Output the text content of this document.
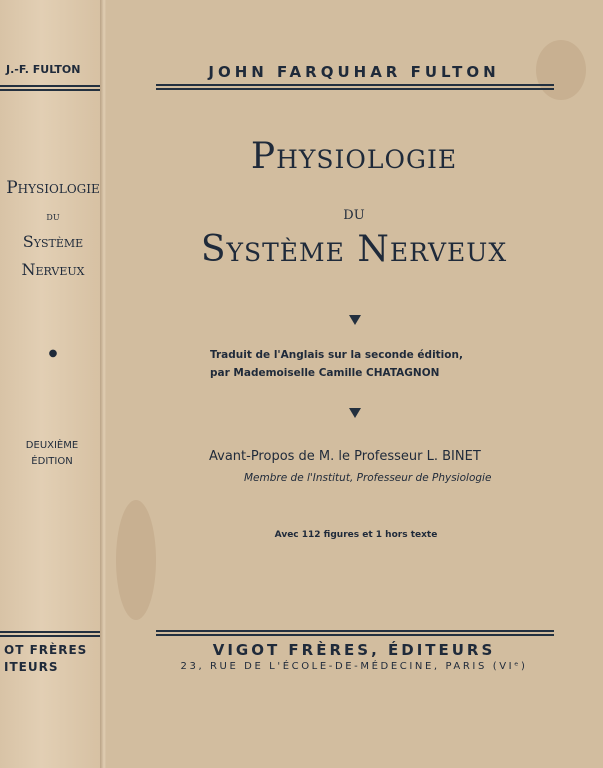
J.-F. FULTON
Physiologie
du
Système
Nerveux
●
DEUXIÈME
ÉDITION
OT FRÈRES
ITEURS
JOHN FARQUHAR FULTON
Physiologie
du
Système Nerveux
Traduit de l'Anglais sur la seconde édition,
par Mademoiselle Camille CHATAGNON
Avant-Propos de M. le Professeur L. BINET
Membre de l'Institut, Professeur de Physiologie
Avec 112 figures et 1 hors texte
VIGOT FRÈRES, ÉDITEURS
23, RUE DE L'ÉCOLE-DE-MÉDECINE, PARIS (VIᵉ)
